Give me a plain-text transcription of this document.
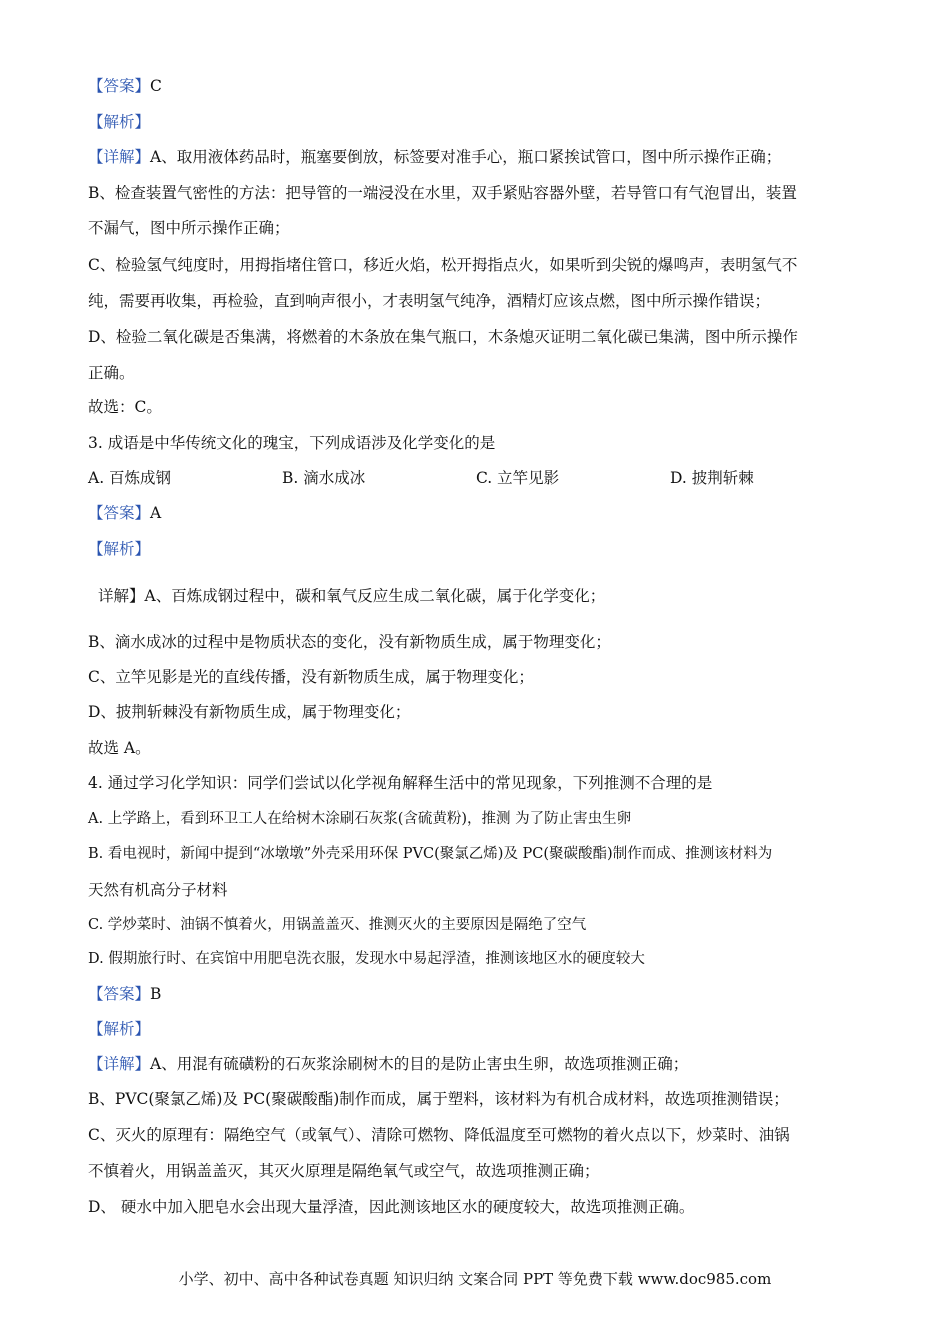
【答案】C
【解析】
【详解】A、取用液体药品时，瓶塞要倒放，标签要对准手心，瓶口紧挨试管口，图中所示操作正确；
B、检查装置气密性的方法：把导管的一端浸没在水里，双手紧贴容器外壁，若导管口有气泡冒出，装置
不漏气，图中所示操作正确；
C、检验氢气纯度时，用拇指堵住管口，移近火焰，松开拇指点火，如果听到尖锐的爆鸣声，表明氢气不
纯，需要再收集，再检验，直到响声很小，才表明氢气纯净，酒精灯应该点燃，图中所示操作错误；
D、检验二氧化碳是否集满，将燃着的木条放在集气瓶口，木条熄灭证明二氧化碳已集满，图中所示操作
正确。
故选：C。
3. 成语是中华传统文化的瑰宝，下列成语涉及化学变化的是
A. 百炼成钢	B. 滴水成冰	C. 立竿见影	D. 披荆斩棘
【答案】A
【解析】
详解】A、百炼成钢过程中，碳和氧气反应生成二氧化碳，属于化学变化；
B、滴水成冰的过程中是物质状态的变化，没有新物质生成，属于物理变化；
C、立竿见影是光的直线传播，没有新物质生成，属于物理变化；
D、披荆斩棘没有新物质生成，属于物理变化；
故选 A。
4. 通过学习化学知识：同学们尝试以化学视角解释生活中的常见现象，下列推测不合理的是
A. 上学路上，看到环卫工人在给树木涂刷石灰浆(含硫黄粉)，推测 为了防止害虫生卵
B. 看电视时，新闻中提到“冰墩墩”外壳采用环保 PVC(聚氯乙烯)及 PC(聚碳酸酯)制作而成、推测该材料为
天然有机高分子材料
C. 学炒菜时、油锅不慎着火，用锅盖盖灭、推测灭火的主要原因是隔绝了空气
D. 假期旅行时、在宾馆中用肥皂洗衣服，发现水中易起浮渣，推测该地区水的硬度较大
【答案】B
【解析】
【详解】A、用混有硫磺粉的石灰浆涂刷树木的目的是防止害虫生卵，故选项推测正确；
B、PVC(聚氯乙烯)及 PC(聚碳酸酯)制作而成，属于塑料，该材料为有机合成材料，故选项推测错误；
C、灭火的原理有：隔绝空气（或氧气）、清除可燃物、降低温度至可燃物的着火点以下，炒菜时、油锅
不慎着火，用锅盖盖灭，其灭火原理是隔绝氧气或空气，故选项推测正确；
D、 硬水中加入肥皂水会出现大量浮渣，因此测该地区水的硬度较大，故选项推测正确。
小学、初中、高中各种试卷真题 知识归纳 文案合同 PPT 等免费下载 www.doc985.com
